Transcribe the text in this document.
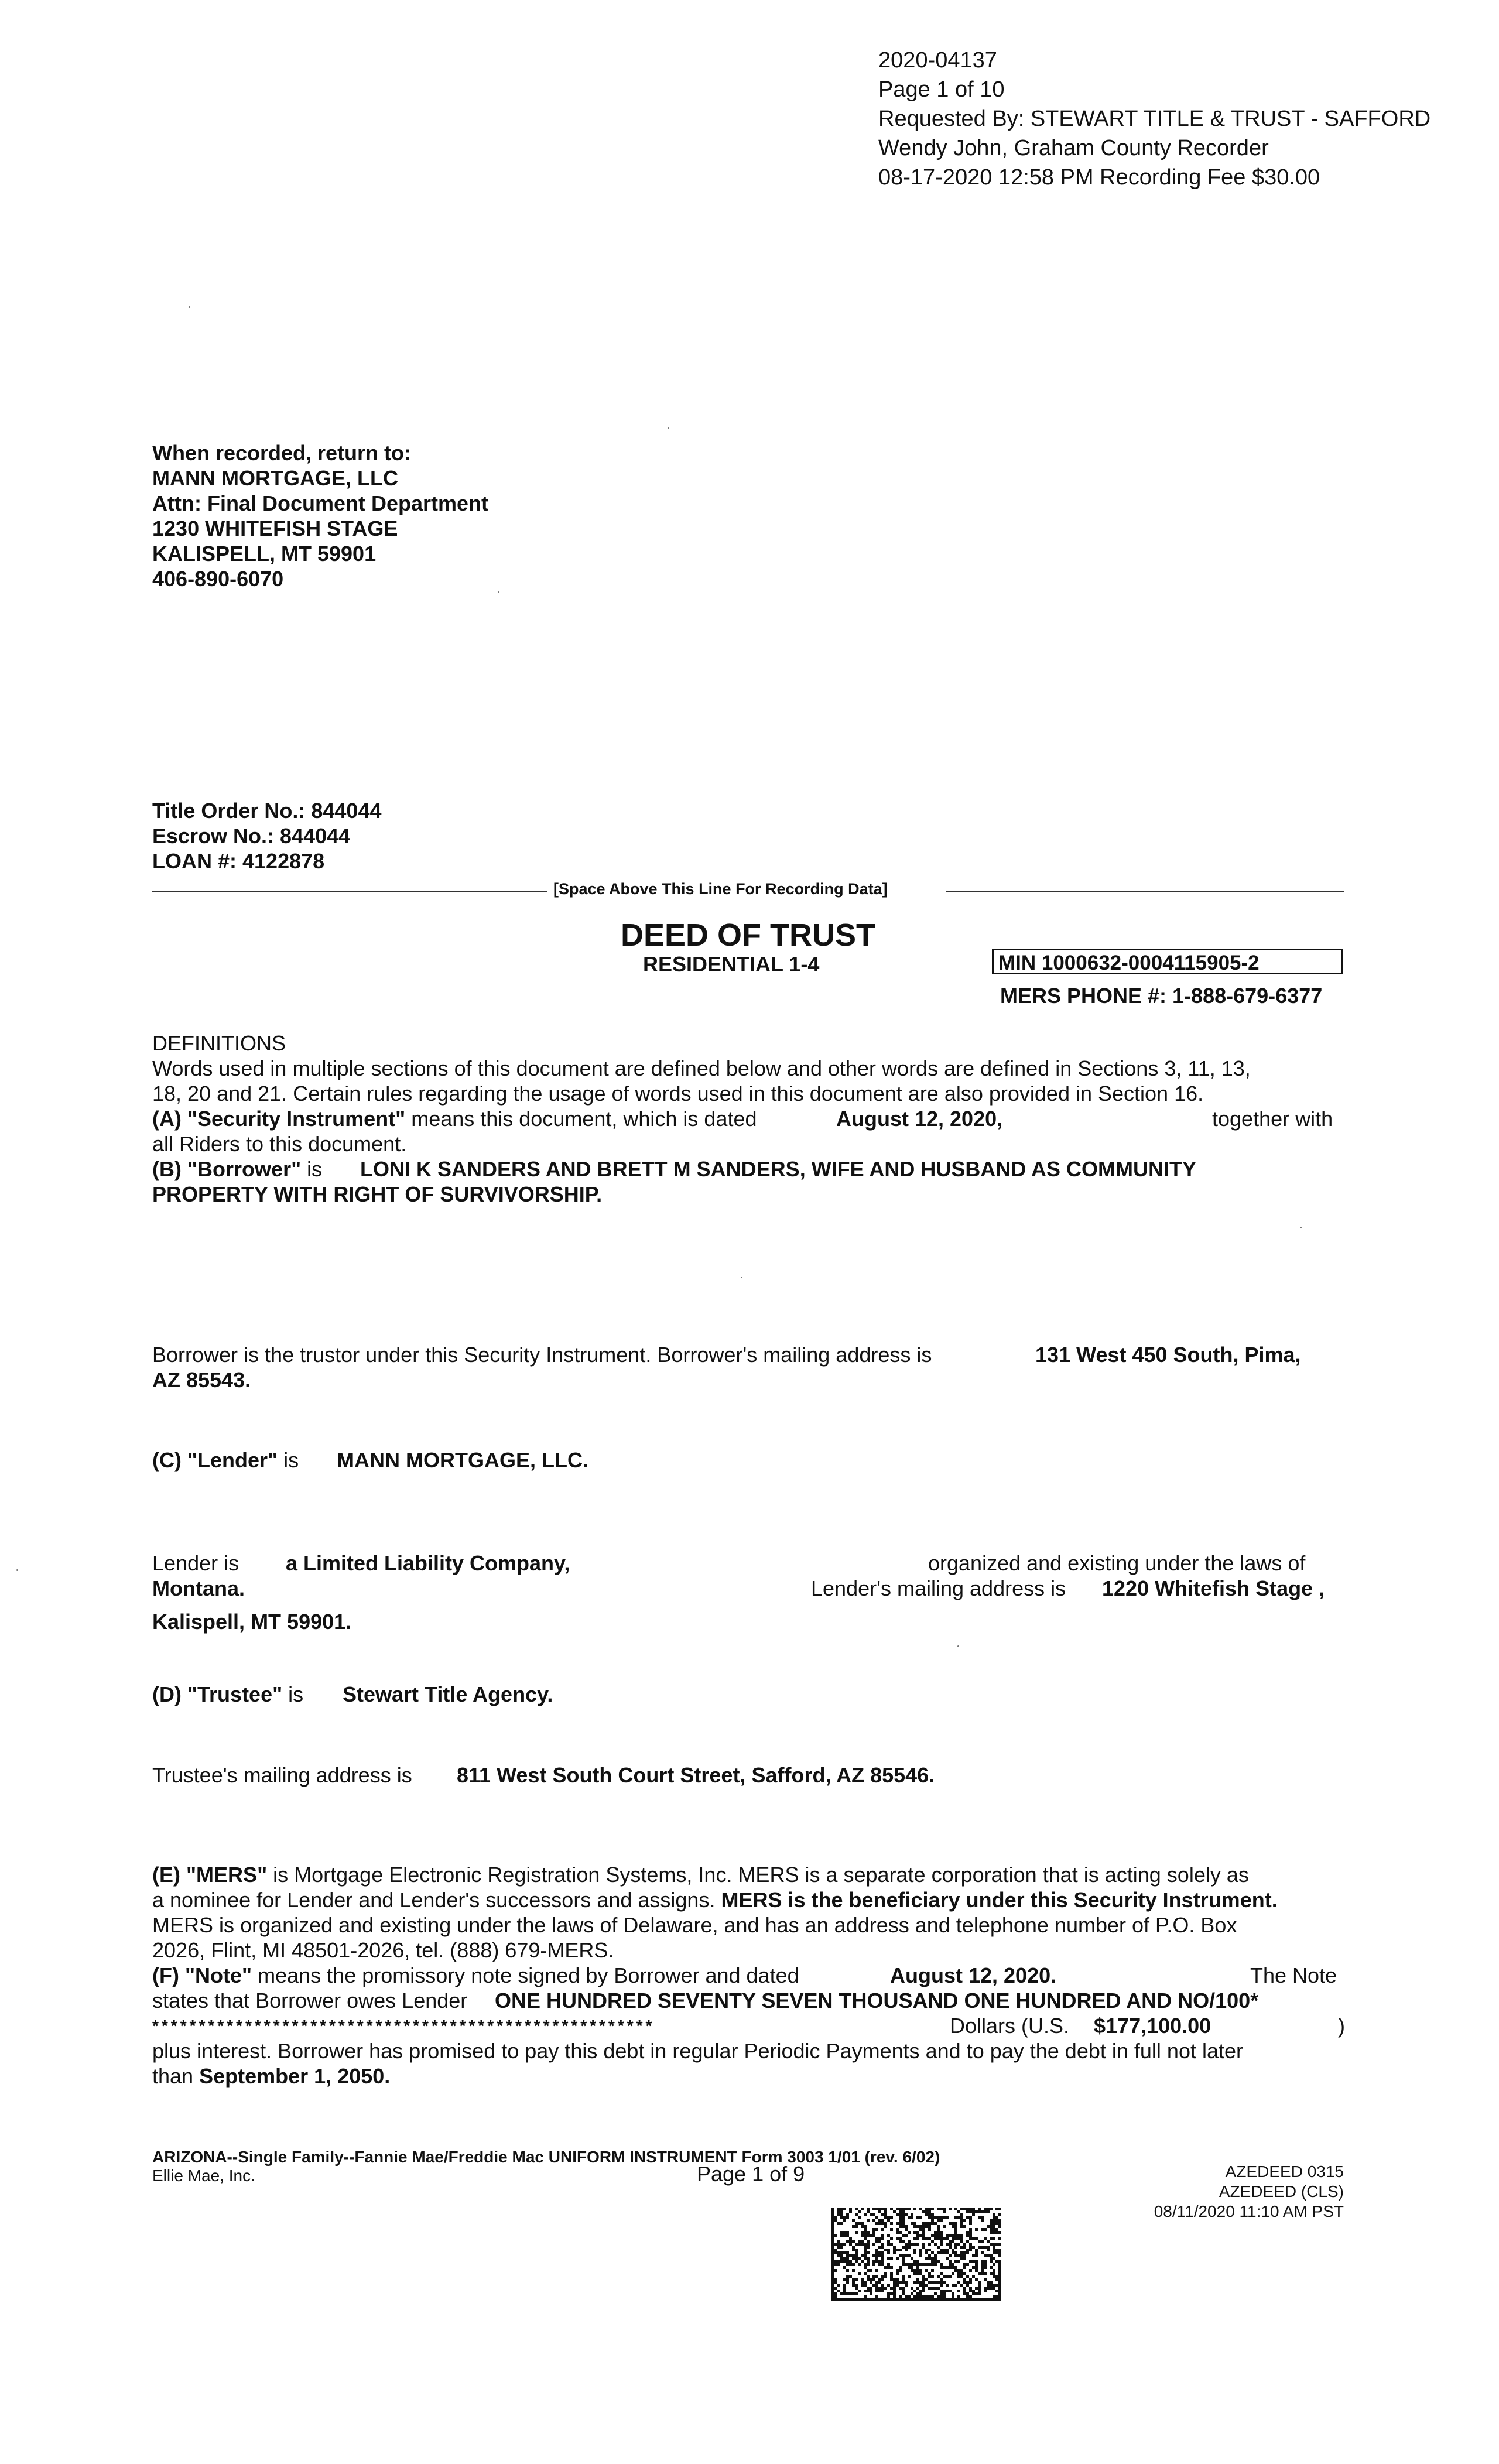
2020-04137
Page 1 of 10
Requested By: STEWART TITLE & TRUST - SAFFORD
Wendy John, Graham County Recorder
08-17-2020 12:58 PM Recording Fee $30.00
When recorded, return to:
MANN MORTGAGE, LLC
Attn: Final Document Department
1230 WHITEFISH STAGE
KALISPELL, MT 59901
406-890-6070
Title Order No.: 844044
Escrow No.: 844044
LOAN #: 4122878
[Space Above This Line For Recording Data]
DEED OF TRUST
RESIDENTIAL 1-4	MIN 1000632-0004115905-2
MERS PHONE #: 1-888-679-6377
DEFINITIONS
Words used in multiple sections of this document are defined below and other words are defined in Sections 3, 11, 13,
18, 20 and 21. Certain rules regarding the usage of words used in this document are also provided in Section 16.
(A) "Security Instrument" means this document, which is dated	August 12, 2020,	together with
all Riders to this document.
(B) "Borrower" is LONI K SANDERS AND BRETT M SANDERS, WIFE AND HUSBAND AS COMMUNITY
PROPERTY WITH RIGHT OF SURVIVORSHIP.
Borrower is the trustor under this Security Instrument. Borrower's mailing address is	131 West 450 South, Pima,
AZ 85543.
(C) "Lender" is MANN MORTGAGE, LLC.
Lender is a Limited Liability Company,	organized and existing under the laws of
Montana.	Lender's mailing address is 1220 Whitefish Stage ,
Kalispell, MT 59901.
(D) "Trustee" is Stewart Title Agency.
Trustee's mailing address is 811 West South Court Street, Safford, AZ 85546.
(E) "MERS" is Mortgage Electronic Registration Systems, Inc. MERS is a separate corporation that is acting solely as
a nominee for Lender and Lender's successors and assigns. MERS is the beneficiary under this Security Instrument.
MERS is organized and existing under the laws of Delaware, and has an address and telephone number of P.O. Box
2026, Flint, MI 48501-2026, tel. (888) 679-MERS.
(F) "Note" means the promissory note signed by Borrower and dated	August 12, 2020.	The Note
states that Borrower owes Lender ONE HUNDRED SEVENTY SEVEN THOUSAND ONE HUNDRED AND NO/100*
******************************************************	Dollars (U.S. $177,100.00	)
plus interest. Borrower has promised to pay this debt in regular Periodic Payments and to pay the debt in full not later
than September 1, 2050.
ARIZONA--Single Family--Fannie Mae/Freddie Mac UNIFORM INSTRUMENT Form 3003 1/01 (rev. 6/02)
Ellie Mae, Inc.	Page 1 of 9	AZEDEED 0315
AZEDEED (CLS)
08/11/2020 11:10 AM PST
